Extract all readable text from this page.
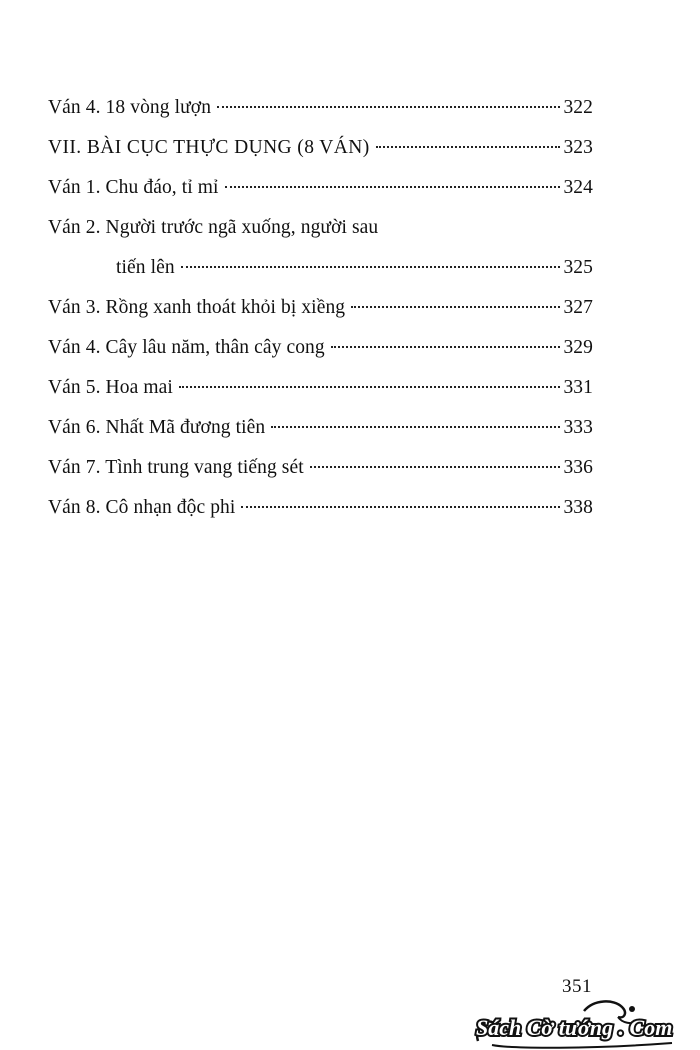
Ván 4. 18 vòng lượn	322
VII. BÀI CỤC THỰC DỤNG (8 VÁN)	323
Ván 1. Chu đáo, tỉ mỉ	324
Ván 2. Người trước ngã xuống, người sau
tiến lên	325
Ván 3. Rồng xanh thoát khỏi bị xiềng	327
Ván 4. Cây lâu năm, thân cây cong	329
Ván 5. Hoa mai	331
Ván 6. Nhất Mã đương tiên	333
Ván 7. Tình trung vang tiếng sét	336
Ván 8. Cô nhạn độc phi	338
351
Sách Cờ tướng . Com
